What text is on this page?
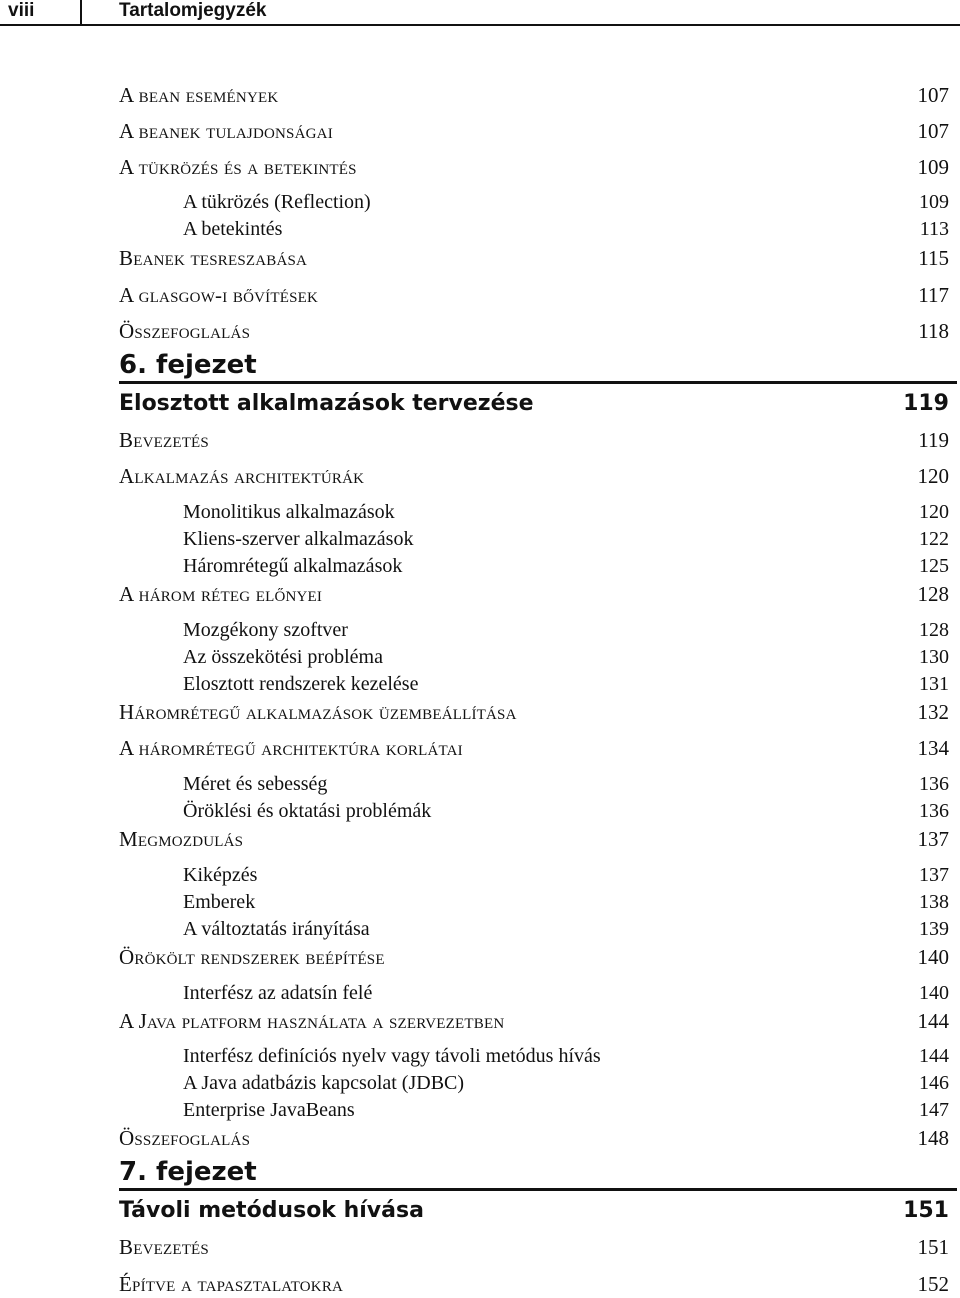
viii	Tartalomjegyzék
A bean események	107
A beanek tulajdonságai	107
A tükrözés és a betekintés	109
A tükrözés (Reflection)	109
A betekintés	113
Beanek tesreszabása	115
A glasgow-i bővítések	117
Összefoglalás	118
6. fejezet
Elosztott alkalmazások tervezése	119
Bevezetés	119
Alkalmazás architektúrák	120
Monolitikus alkalmazások	120
Kliens-szerver alkalmazások	122
Háromrétegű alkalmazások	125
A három réteg előnyei	128
Mozgékony szoftver	128
Az összekötési probléma	130
Elosztott rendszerek kezelése	131
Háromrétegű alkalmazások üzembeállítása	132
A háromrétegű architektúra korlátai	134
Méret és sebesség	136
Öröklési és oktatási problémák	136
Megmozdulás	137
Kiképzés	137
Emberek	138
A változtatás irányítása	139
Örökölt rendszerek beépítése	140
Interfész az adatsín felé	140
A Java platform használata a szervezetben	144
Interfész definíciós nyelv vagy távoli metódus hívás	144
A Java adatbázis kapcsolat (JDBC)	146
Enterprise JavaBeans	147
Összefoglalás	148
7. fejezet
Távoli metódusok hívása	151
Bevezetés	151
Építve a tapasztalatokra	152
